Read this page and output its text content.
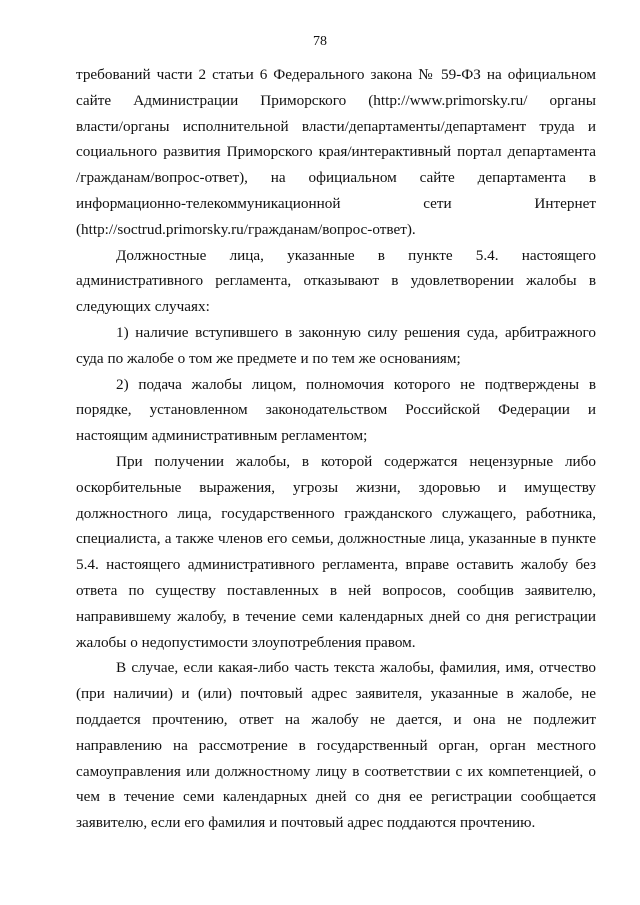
78

требований части 2 статьи 6 Федерального закона № 59-ФЗ на официальном
сайте Администрации Приморского (http://www.primorsky.ru/ органы
власти/органы исполнительной власти/департаменты/департамент труда и
социального развития Приморского края/интерактивный портал департамента
/гражданам/вопрос-ответ), на официальном сайте департамента в
информационно-телекоммуникационной сети Интернет
(http://soctrud.primorsky.ru/гражданам/вопрос-ответ).

Должностные лица, указанные в пункте 5.4. настоящего
административного регламента, отказывают в удовлетворении жалобы в
следующих случаях:

1) наличие вступившего в законную силу решения суда, арбитражного
суда по жалобе о том же предмете и по тем же основаниям;

2) подача жалобы лицом, полномочия которого не подтверждены в
порядке, установленном законодательством Российской Федерации и
настоящим административным регламентом;

При получении жалобы, в которой содержатся нецензурные либо
оскорбительные выражения, угрозы жизни, здоровью и имуществу
должностного лица, государственного гражданского служащего, работника,
специалиста, а также членов его семьи, должностные лица, указанные в пункте
5.4. настоящего административного регламента, вправе оставить жалобу без
ответа по существу поставленных в ней вопросов, сообщив заявителю,
направившему жалобу, в течение семи календарных дней со дня регистрации
жалобы о недопустимости злоупотребления правом.

В случае, если какая-либо часть текста жалобы, фамилия, имя, отчество
(при наличии) и (или) почтовый адрес заявителя, указанные в жалобе, не
поддается прочтению, ответ на жалобу не дается, и она не подлежит
направлению на рассмотрение в государственный орган, орган местного
самоуправления или должностному лицу в соответствии с их компетенцией, о
чем в течение семи календарных дней со дня ее регистрации сообщается
заявителю, если его фамилия и почтовый адрес поддаются прочтению.
